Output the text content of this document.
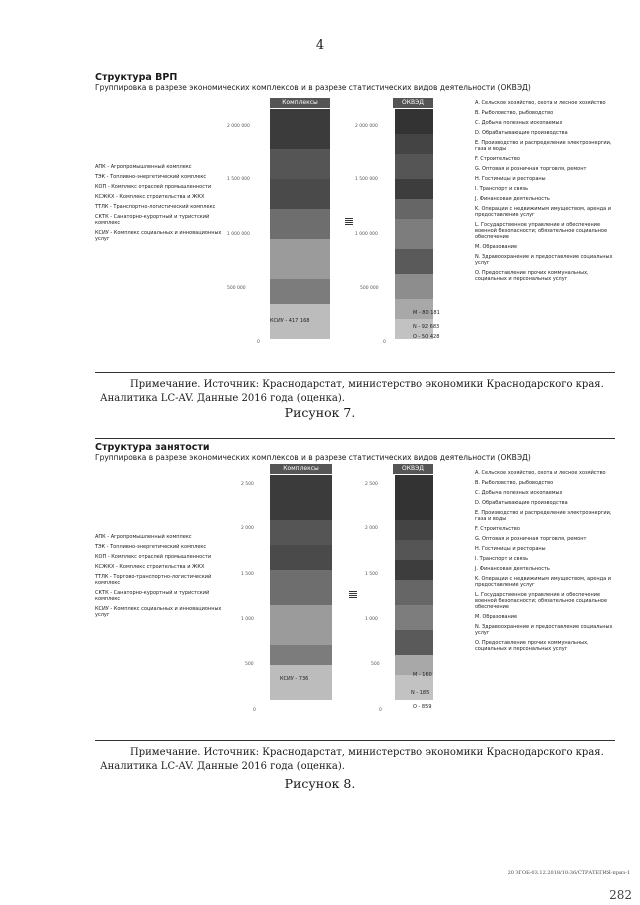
4
Структура ВРП
Группировка в разрезе экономических комплексов и в разрезе статистических видов деятельности (ОКВЭД)
Комплексы	ОКВЭД
2 000 000
1 500 000
1 000 000
500 000
0
2 000 000
1 500 000
1 000 000
500 000
0
АПК - Агропромышленный комплекс
ТЭК - Топливно-энергетический комплекс
КОП - Комплекс отраслей промышленности
КСЖКХ - Комплекс строительства и ЖКХ
ТТЛК - Транспортно-логистический комплекс
СКТК - Санаторно-курортный и туристский комплекс
КСИУ - Комплекс социальных и инновационных услуг
A. Сельское хозяйство, охота и лесное хозяйство
B. Рыболовство, рыбоводство
C. Добыча полезных ископаемых
D. Обрабатывающие производства
E. Производство и распределение электроэнергии, газа и воды
F. Строительство
G. Оптовая и розничная торговля, ремонт
H. Гостиницы и рестораны
I. Транспорт и связь
J. Финансовая деятельность
K. Операции с недвижимым имуществом, аренда и предоставление услуг
L. Государственное управление и обеспечение военной безопасности; обязательное социальное обеспечение
M. Образование
N. Здравоохранение и предоставление социальных услуг
O. Предоставление прочих коммунальных, социальных и персональных услуг
КСИУ - 417 168
M - 80 181
N - 92 683
O - 50 428
Примечание. Источник: Краснодарстат, министерство экономики Краснодарского края. Аналитика LC-AV. Данные 2016 года (оценка).
Рисунок 7.
Структура занятости
Группировка в разрезе экономических комплексов и в разрезе статистических видов деятельности (ОКВЭД)
Комплексы	ОКВЭД
2 500
2 000
1 500
1 000
500
0
2 500
2 000
1 500
1 000
500
0
АПК - Агропромышленный комплекс
ТЭК - Топливно-энергетический комплекс
КОП - Комплекс отраслей промышленности
КСЖКХ - Комплекс строительства и ЖКХ
ТТЛК - Торгово-транспортно-логистический комплекс
СКТК - Санаторно-курортный и туристский комплекс
КСИУ - Комплекс социальных и инновационных услуг
A. Сельское хозяйство, охота и лесное хозяйство
B. Рыболовство, рыбоводство
C. Добыча полезных ископаемых
D. Обрабатывающие производства
E. Производство и распределение электроэнергии, газа и воды
F. Строительство
G. Оптовая и розничная торговля, ремонт
H. Гостиницы и рестораны
I. Транспорт и связь
J. Финансовая деятельность
K. Операции с недвижимым имуществом, аренда и предоставление услуг
L. Государственное управление и обеспечение военной безопасности; обязательное социальное обеспечение
M. Образование
N. Здравоохранение и предоставление социальных услуг
O. Предоставление прочих коммунальных, социальных и персональных услуг
КСИУ - 736
M - 160
N - 185
O - 859
Примечание. Источник: Краснодарстат, министерство экономики Краснодарского края. Аналитика LC-AV. Данные 2016 года (оценка).
Рисунок 8.
20 ЗГОБ-03.12.2018/10:36/СТРАТЕГИЯ-приз-1
282
